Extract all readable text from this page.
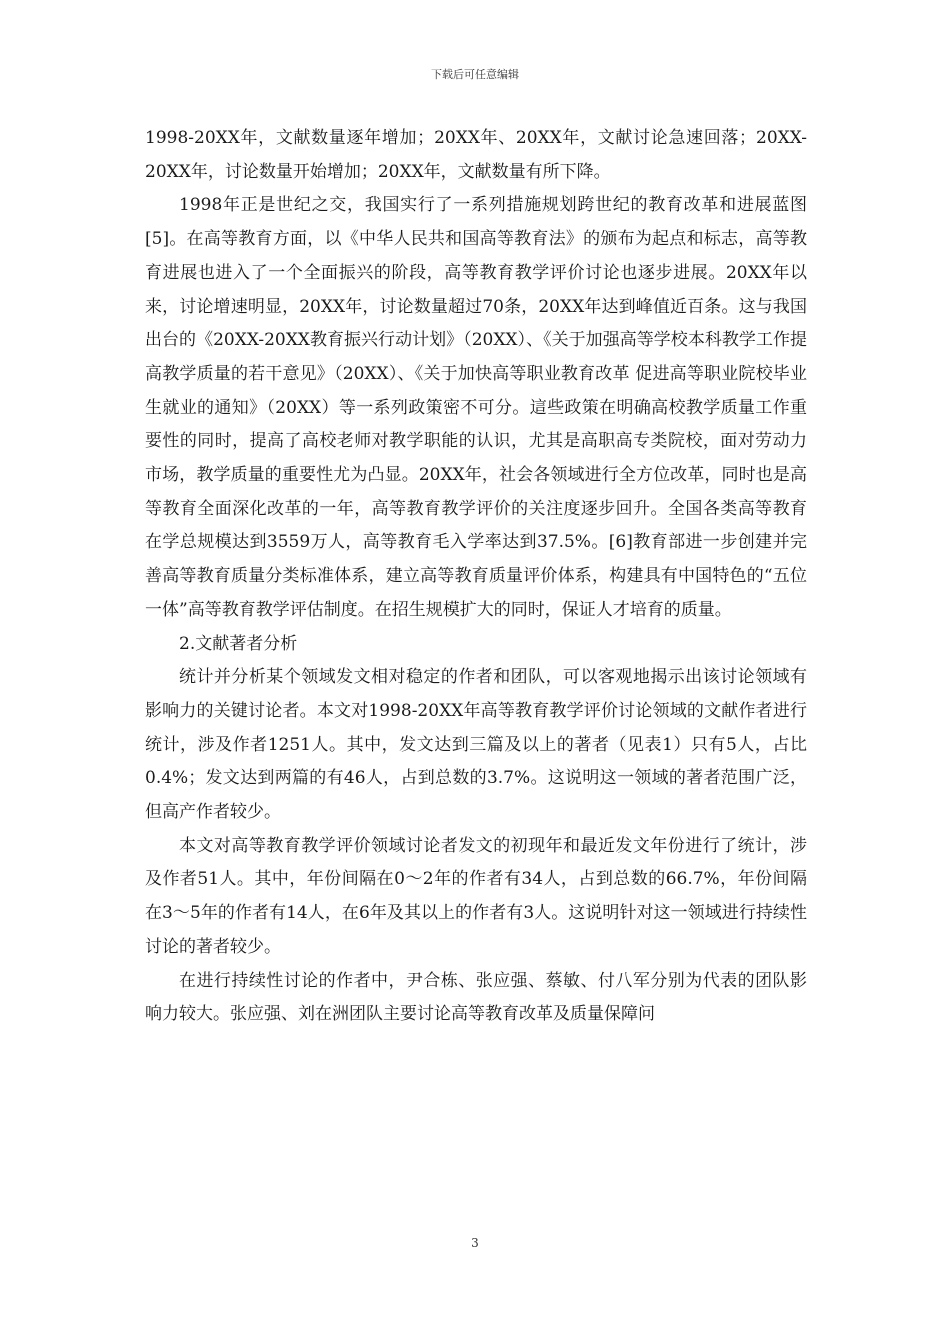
下载后可任意编辑

1998-20XX年，文献数量逐年增加；20XX年、20XX年，文献讨论急速回落；20XX-20XX年，讨论数量开始增加；20XX年，文献数量有所下降。

1998年正是世纪之交，我国实行了一系列措施规划跨世纪的教育改革和进展蓝图[5]。在高等教育方面，以《中华人民共和国高等教育法》的颁布为起点和标志，高等教育进展也进入了一个全面振兴的阶段，高等教育教学评价讨论也逐步进展。20XX年以来，讨论增速明显，20XX年，讨论数量超过70条，20XX年达到峰值近百条。这与我国出台的《20XX-20XX教育振兴行动计划》（20XX）、《关于加强高等学校本科教学工作提高教学质量的若干意见》（20XX）、《关于加快高等职业教育改革 促进高等职业院校毕业生就业的通知》（20XX）等一系列政策密不可分。這些政策在明确高校教学质量工作重要性的同时，提高了高校老师对教学职能的认识，尤其是高职高专类院校，面对劳动力市场，教学质量的重要性尤为凸显。20XX年，社会各领域进行全方位改革，同时也是高等教育全面深化改革的一年，高等教育教学评价的关注度逐步回升。全国各类高等教育在学总规模达到3559万人，高等教育毛入学率达到37.5%。[6]教育部进一步创建并完善高等教育质量分类标准体系，建立高等教育质量评价体系，构建具有中国特色的“五位一体”高等教育教学评估制度。在招生规模扩大的同时，保证人才培育的质量。

2.文献著者分析

统计并分析某个领域发文相对稳定的作者和团队，可以客观地揭示出该讨论领域有影响力的关键讨论者。本文对1998-20XX年高等教育教学评价讨论领域的文献作者进行统计，涉及作者1251人。其中，发文达到三篇及以上的著者（见表1）只有5人，占比0.4%；发文达到两篇的有46人，占到总数的3.7%。这说明这一领域的著者范围广泛，但高产作者较少。

本文对高等教育教学评价领域讨论者发文的初现年和最近发文年份进行了统计，涉及作者51人。其中，年份间隔在0～2年的作者有34人，占到总数的66.7%，年份间隔在3～5年的作者有14人，在6年及其以上的作者有3人。这说明针对这一领域进行持续性讨论的著者较少。

在进行持续性讨论的作者中，尹合栋、张应强、蔡敏、付八军分别为代表的团队影响力较大。张应强、刘在洲团队主要讨论高等教育改革及质量保障问

3
